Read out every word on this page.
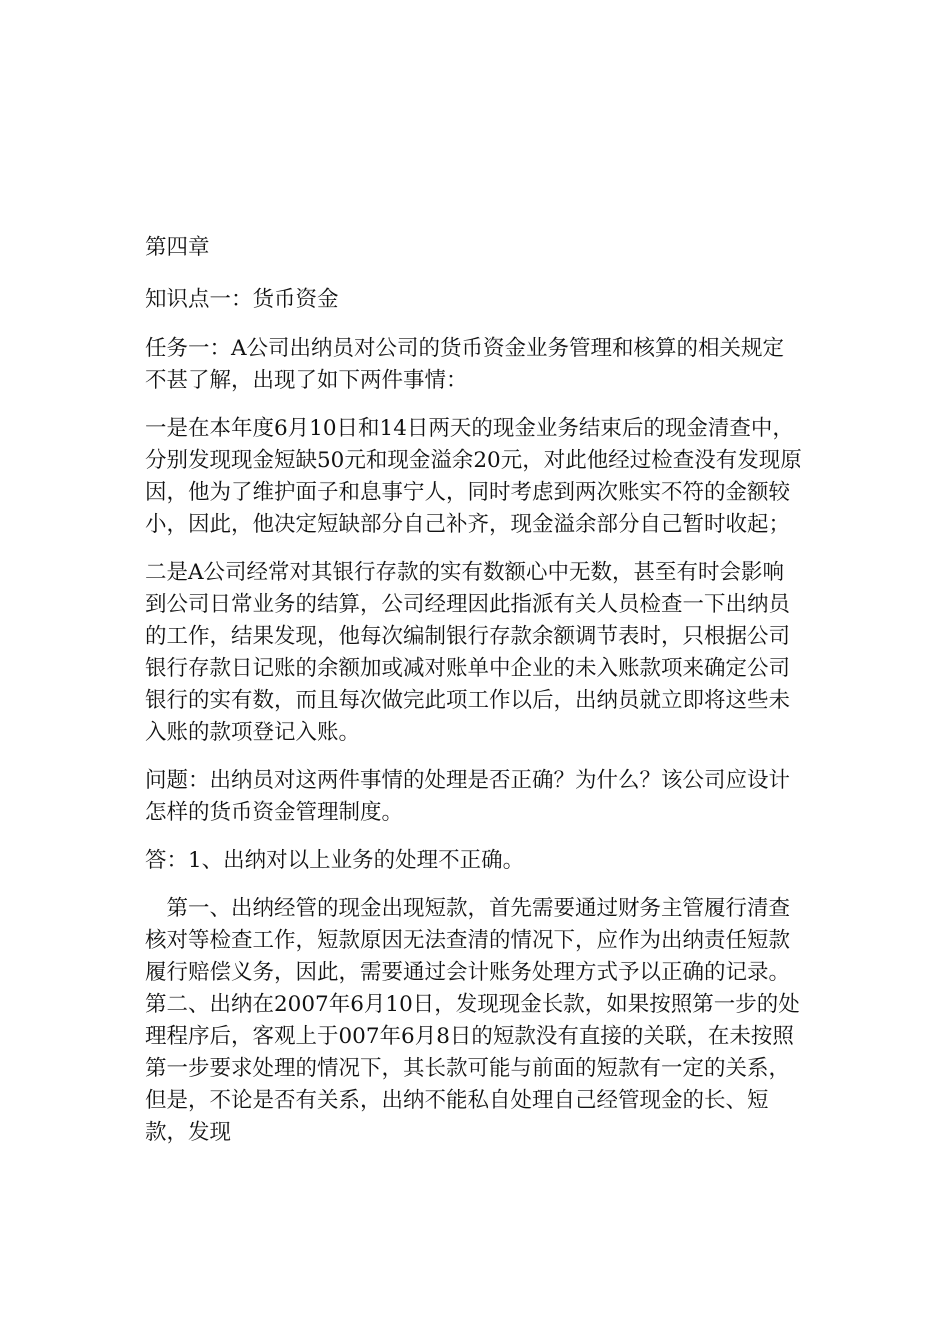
第四章

知识点一：货币资金

任务一：A公司出纳员对公司的货币资金业务管理和核算的相关规定不甚了解，出现了如下两件事情：

一是在本年度6月10日和14日两天的现金业务结束后的现金清查中，分别发现现金短缺50元和现金溢余20元，对此他经过检查没有发现原因，他为了维护面子和息事宁人，同时考虑到两次账实不符的金额较小，因此，他决定短缺部分自己补齐，现金溢余部分自己暂时收起；

二是A公司经常对其银行存款的实有数额心中无数，甚至有时会影响到公司日常业务的结算，公司经理因此指派有关人员检查一下出纳员的工作，结果发现，他每次编制银行存款余额调节表时，只根据公司银行存款日记账的余额加或减对账单中企业的未入账款项来确定公司银行的实有数，而且每次做完此项工作以后，出纳员就立即将这些未入账的款项登记入账。

问题：出纳员对这两件事情的处理是否正确？为什么？该公司应设计怎样的货币资金管理制度。

答：1、出纳对以上业务的处理不正确。

　第一、出纳经管的现金出现短款，首先需要通过财务主管履行清查核对等检查工作，短款原因无法查清的情况下，应作为出纳责任短款履行赔偿义务，因此，需要通过会计账务处理方式予以正确的记录。　第二、出纳在2007年6月10日，发现现金长款，如果按照第一步的处理程序后，客观上于007年6月8日的短款没有直接的关联，在未按照第一步要求处理的情况下，其长款可能与前面的短款有一定的关系，但是，不论是否有关系，出纳不能私自处理自己经管现金的长、短款，发现
